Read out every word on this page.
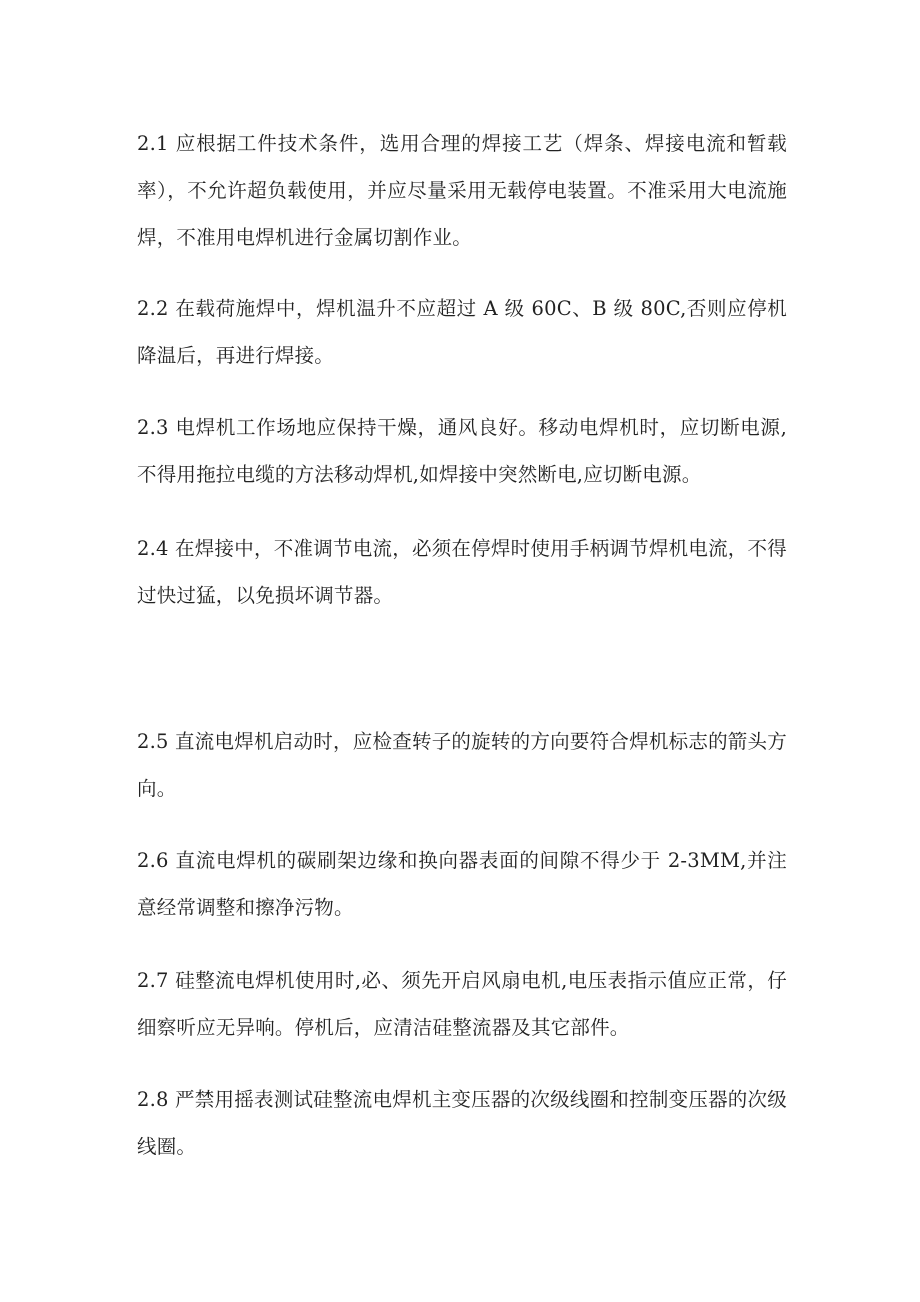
2.1 应根据工件技术条件，选用合理的焊接工艺（焊条、焊接电流和暂载率），不允许超负载使用，并应尽量采用无载停电装置。不准采用大电流施焊，不准用电焊机进行金属切割作业。

2.2 在载荷施焊中，焊机温升不应超过 A 级 60C、B 级 80C,否则应停机降温后，再进行焊接。

2.3 电焊机工作场地应保持干燥，通风良好。移动电焊机时，应切断电源,不得用拖拉电缆的方法移动焊机,如焊接中突然断电,应切断电源。

2.4 在焊接中，不准调节电流，必须在停焊时使用手柄调节焊机电流，不得过快过猛，以免损坏调节器。

2.5 直流电焊机启动时，应检查转子的旋转的方向要符合焊机标志的箭头方向。

2.6 直流电焊机的碳刷架边缘和换向器表面的间隙不得少于 2-3MM,并注意经常调整和擦净污物。

2.7 硅整流电焊机使用时,必、须先开启风扇电机,电压表指示值应正常，仔细察听应无异响。停机后，应清洁硅整流器及其它部件。

2.8 严禁用摇表测试硅整流电焊机主变压器的次级线圈和控制变压器的次级线圈。
